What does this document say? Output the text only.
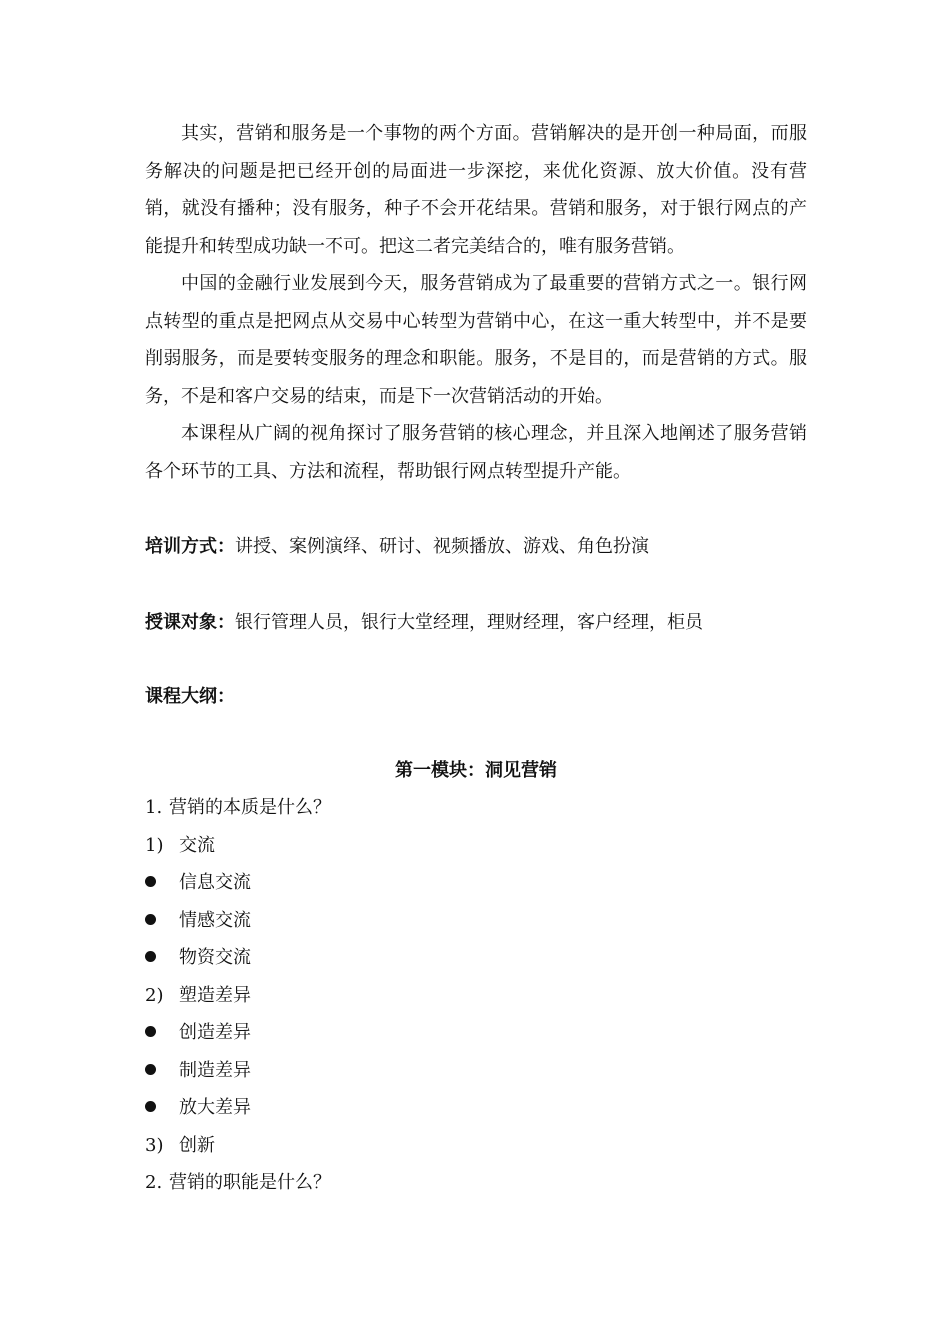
其实，营销和服务是一个事物的两个方面。营销解决的是开创一种局面，而服务解决的问题是把已经开创的局面进一步深挖，来优化资源、放大价值。没有营销，就没有播种；没有服务，种子不会开花结果。营销和服务，对于银行网点的产能提升和转型成功缺一不可。把这二者完美结合的，唯有服务营销。

中国的金融行业发展到今天，服务营销成为了最重要的营销方式之一。银行网点转型的重点是把网点从交易中心转型为营销中心，在这一重大转型中，并不是要削弱服务，而是要转变服务的理念和职能。服务，不是目的，而是营销的方式。服务，不是和客户交易的结束，而是下一次营销活动的开始。

本课程从广阔的视角探讨了服务营销的核心理念，并且深入地阐述了服务营销各个环节的工具、方法和流程，帮助银行网点转型提升产能。

培训方式：讲授、案例演绎、研讨、视频播放、游戏、角色扮演

授课对象：银行管理人员，银行大堂经理，理财经理，客户经理，柜员

课程大纲：

第一模块：洞见营销

1. 营销的本质是什么？
1) 交流
信息交流
情感交流
物资交流
2) 塑造差异
创造差异
制造差异
放大差异
3) 创新
2. 营销的职能是什么？
